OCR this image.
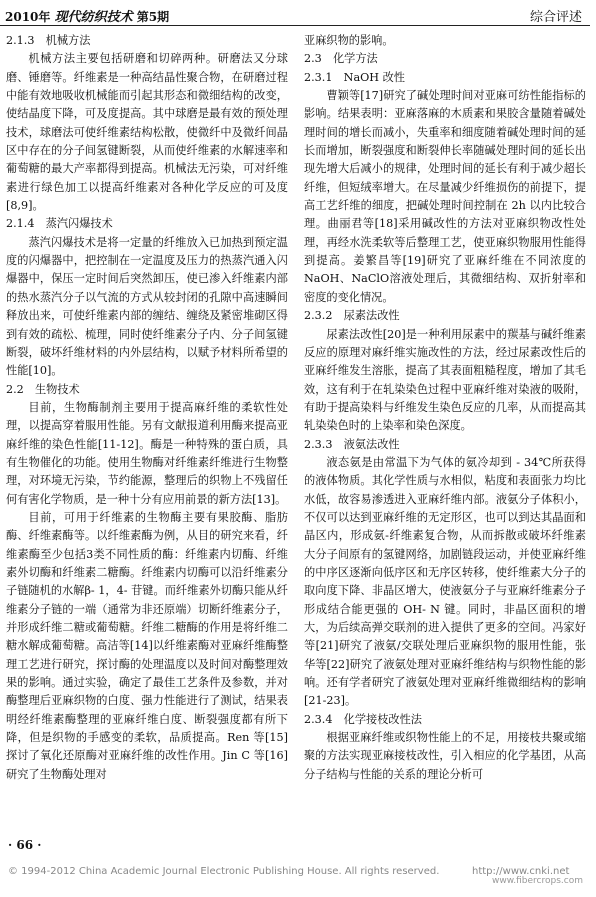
2010年 现代纺织技术 第5期	综合评述
2.1.3　机械方法
机械方法主要包括研磨和切碎两种。研磨法又分球磨、锤磨等。纤维素是一种高结晶性聚合物，在研磨过程中能有效地吸收机械能而引起其形态和微细结构的改变，使结晶度下降，可及度提高。其中球磨是最有效的预处理技术，球磨法可使纤维素结构松散，使微纤中及微纤间晶区中存在的分子间氢键断裂，从而使纤维素的水解速率和葡萄糖的最大产率都得到提高。机械法无污染，可对纤维素进行绿色加工以提高纤维素对各种化学反应的可及度[8,9]。
2.1.4　蒸汽闪爆技术
蒸汽闪爆技术是将一定量的纤维放入已加热到预定温度的闪爆器中，把控制在一定温度及压力的热蒸汽通入闪爆器中，保压一定时间后突然卸压，使已渗入纤维素内部的热水蒸汽分子以气流的方式从较封闭的孔隙中高速瞬间释放出来，可使纤维素内部的缠结、缠绕及紧密堆砌区得到有效的疏松、梳理，同时使纤维素分子内、分子间氢键断裂，破坏纤维材料的内外层结构，以赋予材料所希望的性能[10]。
2.2　生物技术
目前，生物酶制剂主要用于提高麻纤维的柔软性处理，以提高穿着服用性能。另有文献报道利用酶来提高亚麻纤维的染色性能[11-12]。酶是一种特殊的蛋白质，具有生物催化的功能。使用生物酶对纤维素纤维进行生物整理，对环境无污染，节约能源，整理后的织物上不残留任何有害化学物质，是一种十分有应用前景的新方法[13]。
目前，可用于纤维素的生物酶主要有果胶酶、脂肪酶、纤维素酶等。以纤维素酶为例，从目的研究来看，纤维素酶至少包括3类不同性质的酶：纤维素内切酶、纤维素外切酶和纤维素二糖酶。纤维素内切酶可以沿纤维素分子链随机的水解β- 1，4- 苷键。而纤维素外切酶只能从纤维素分子链的一端（通常为非还原端）切断纤维素分子，并形成纤维二糖或葡萄糖。纤维二糖酶的作用是将纤维二糖水解成葡萄糖。高洁等[14]以纤维素酶对亚麻纤维酶整理工艺进行研究，探讨酶的处理温度以及时间对酶整理效果的影响。通过实验，确定了最佳工艺条件及参数，并对酶整理后亚麻织物的白度、强力性能进行了测试，结果表明经纤维素酶整理的亚麻纤维白度、断裂强度都有所下降，但是织物的手感变的柔软，品质提高。Ren 等[15]探讨了氧化还原酶对亚麻纤维的改性作用。Jin C 等[16]研究了生物酶处理对
亚麻织物的影响。
2.3　化学方法
2.3.1　NaOH 改性
曹颖等[17]研究了碱处理时间对亚麻可纺性能指标的影响。结果表明：亚麻落麻的木质素和果胶含量随着碱处理时间的增长而减小，失重率和细度随着碱处理时间的延长而增加，断裂强度和断裂伸长率随碱处理时间的延长出现先增大后减小的规律，处理时间的延长有利于减少超长纤维，但短绒率增大。在尽量减少纤维损伤的前提下，提高工艺纤维的细度，把碱处理时间控制在 2h 以内比较合理。曲丽君等[18]采用碱改性的方法对亚麻织物改性处理，再经水洗柔软等后整理工艺，使亚麻织物服用性能得到提高。姜繁昌等[19]研究了亚麻纤维在不同浓度的NaOH、NaClO溶液处理后，其微细结构、双折射率和密度的变化情况。
2.3.2　尿素法改性
尿素法改性[20]是一种利用尿素中的羰基与碱纤维素反应的原理对麻纤维实施改性的方法，经过尿素改性后的亚麻纤维发生溶胀，提高了其表面粗糙程度，增加了其毛效，这有利于在轧染染色过程中亚麻纤维对染液的吸附，有助于提高染料与纤维发生染色反应的几率，从而提高其轧染染色时的上染率和染色深度。
2.3.3　液氨法改性
液态氨是由常温下为气体的氨冷却到 - 34℃所获得的液体物质。其化学性质与水相似，粘度和表面张力均比水低，故容易渗透进入亚麻纤维内部。液氨分子体积小，不仅可以达到亚麻纤维的无定形区，也可以到达其晶面和晶区内，形成氨-纤维素复合物，从而拆散或破坏纤维素大分子间原有的氢键网络，加剧链段运动，并使亚麻纤维的中序区逐渐向低序区和无序区转移，使纤维素大分子的取向度下降、非晶区增大，使液氨分子与亚麻纤维素分子形成结合能更强的 OH- N 键。同时，非晶区面积的增大，为后续高弹交联剂的进入提供了更多的空间。冯家好等[21]研究了液氨/交联处理后亚麻织物的服用性能，张华等[22]研究了液氨处理对亚麻纤维结构与织物性能的影响。还有学者研究了液氨处理对亚麻纤维微细结构的影响[21-23]。
2.3.4　化学接枝改性法
根据亚麻纤维或织物性能上的不足，用接枝共聚或缩聚的方法实现亚麻接枝改性，引入相应的化学基团，从高分子结构与性能的关系的理论分析可
· 66 ·
© 1994-2012 China Academic Journal Electronic Publishing House. All rights reserved.	http://www.cnki.net
www.fibercrops.com
